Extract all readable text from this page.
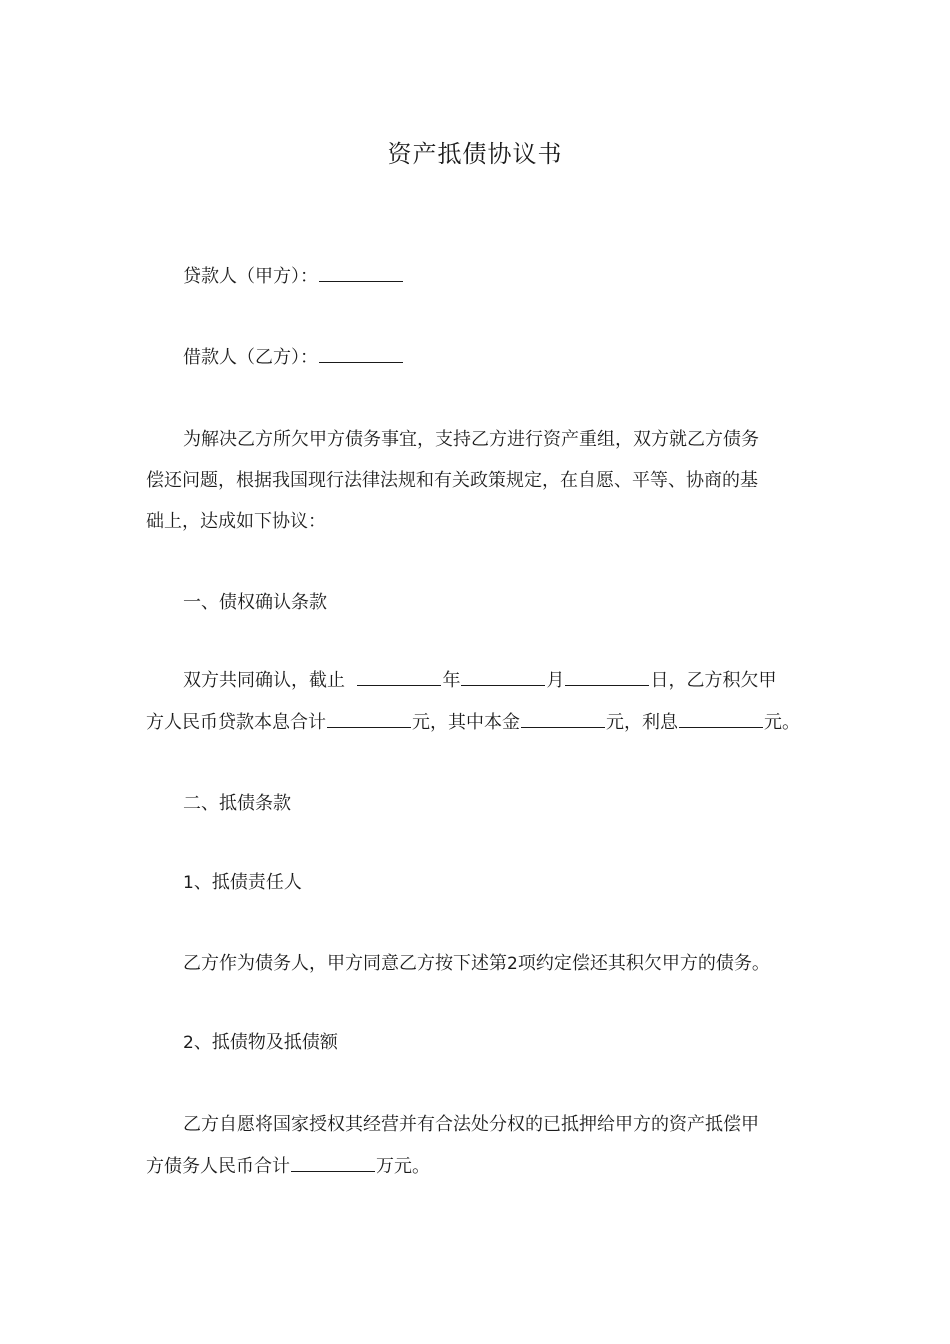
资产抵债协议书
贷款人（甲方）：
借款人（乙方）：
为解决乙方所欠甲方债务事宜，支持乙方进行资产重组，双方就乙方债务
偿还问题，根据我国现行法律法规和有关政策规定，在自愿、平等、协商的基
础上，达成如下协议：
一、债权确认条款
双方共同确认，截止	年	月	日，乙方积欠甲
方人民币贷款本息合计	元，其中本金	元，利息	元。
二、抵债条款
1、抵债责任人
乙方作为债务人，甲方同意乙方按下述第2项约定偿还其积欠甲方的债务。
2、抵债物及抵债额
乙方自愿将国家授权其经营并有合法处分权的已抵押给甲方的资产抵偿甲
方债务人民币合计	万元。
